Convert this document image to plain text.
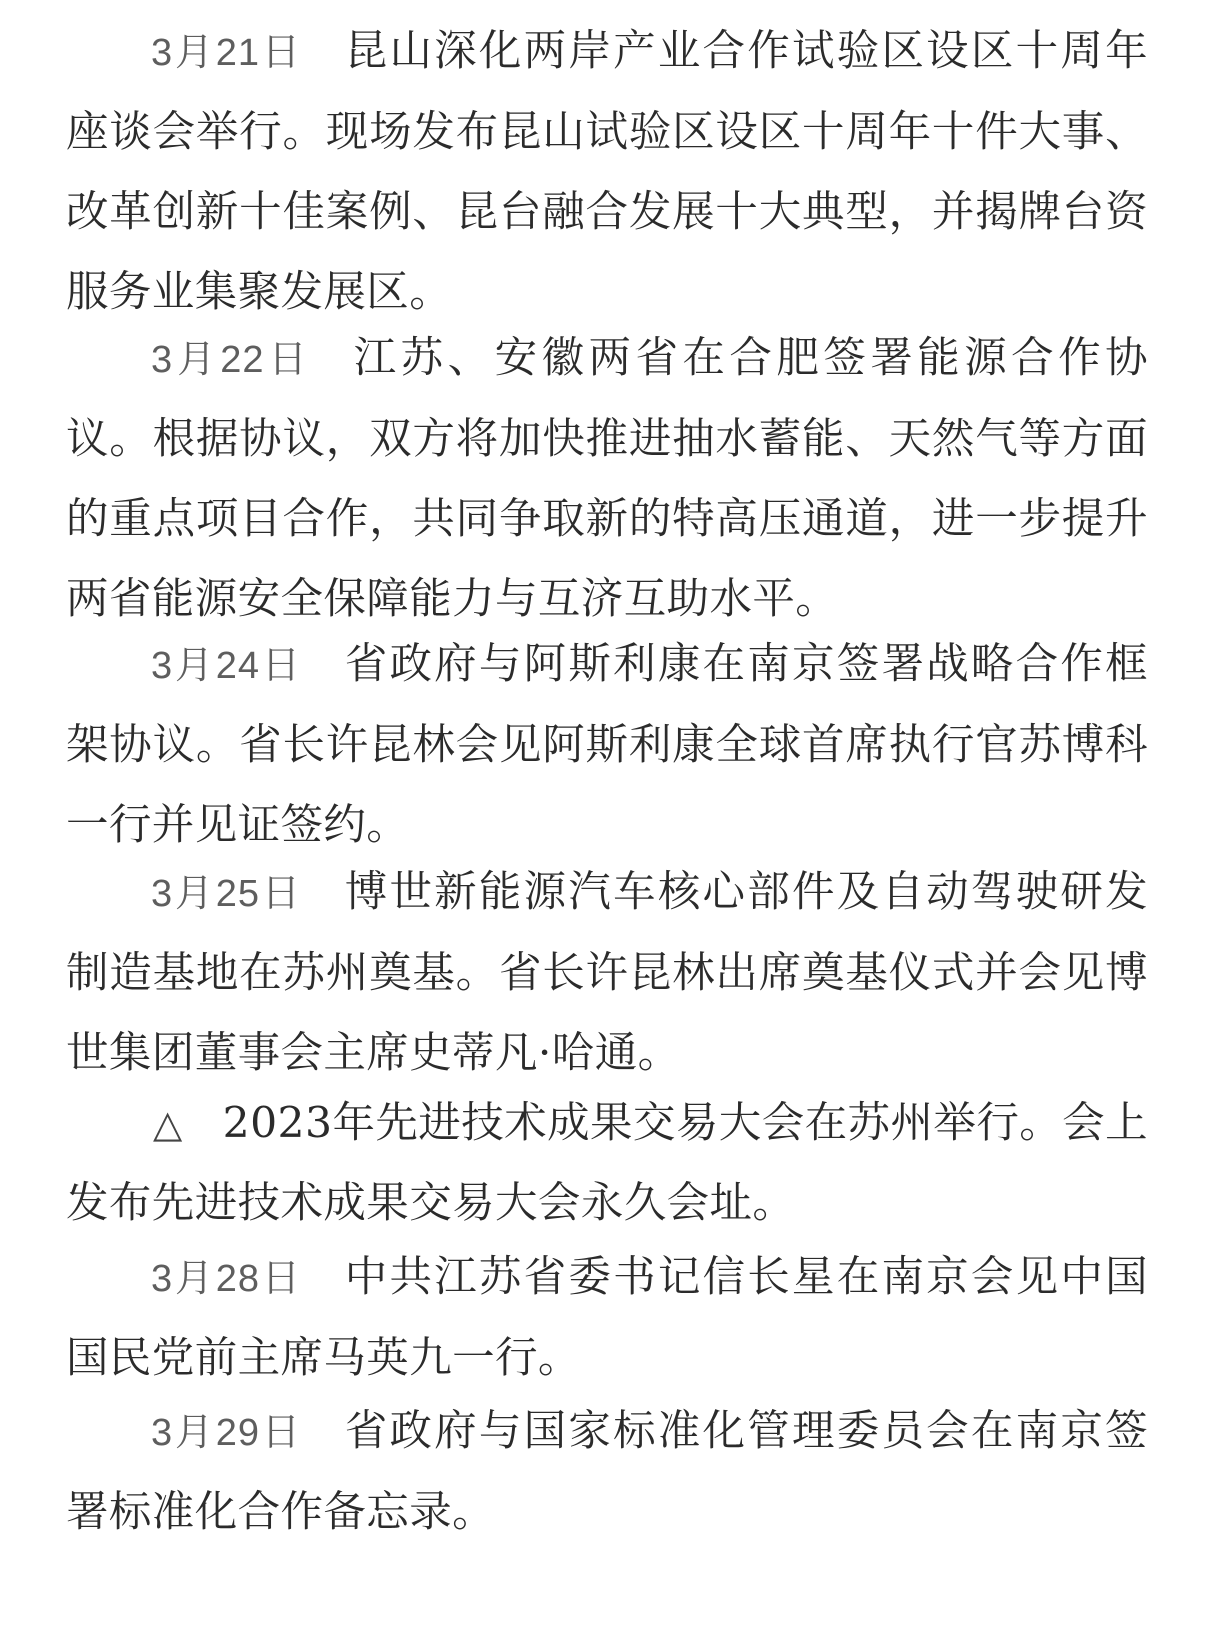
3月21日 昆山深化两岸产业合作试验区设区十周年座谈会举行。现场发布昆山试验区设区十周年十件大事、改革创新十佳案例、昆台融合发展十大典型，并揭牌台资服务业集聚发展区。

3月22日 江苏、安徽两省在合肥签署能源合作协议。根据协议，双方将加快推进抽水蓄能、天然气等方面的重点项目合作，共同争取新的特高压通道，进一步提升两省能源安全保障能力与互济互助水平。

3月24日 省政府与阿斯利康在南京签署战略合作框架协议。省长许昆林会见阿斯利康全球首席执行官苏博科一行并见证签约。

3月25日 博世新能源汽车核心部件及自动驾驶研发制造基地在苏州奠基。省长许昆林出席奠基仪式并会见博世集团董事会主席史蒂凡·哈通。

△ 2023年先进技术成果交易大会在苏州举行。会上发布先进技术成果交易大会永久会址。

3月28日 中共江苏省委书记信长星在南京会见中国国民党前主席马英九一行。

3月29日 省政府与国家标准化管理委员会在南京签署标准化合作备忘录。
